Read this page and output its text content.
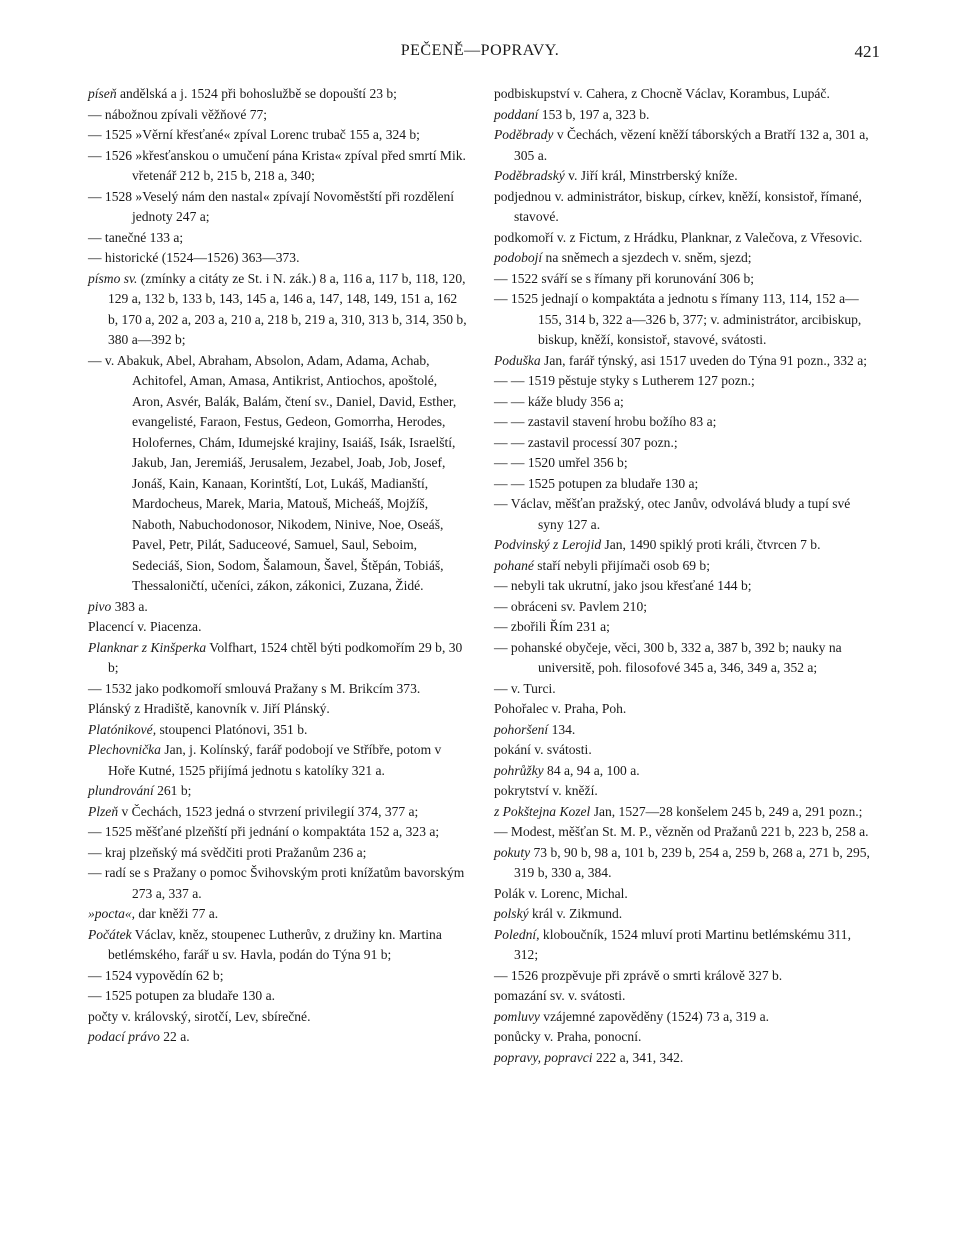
PEČENĚ—POPRAVY.	421
píseň andělská a j. 1524 při bohoslužbě se dopouští 23 b;
— nábožnou zpívali věžňové 77;
— 1525 »Věrní křesťané« zpíval Lorenc trubač 155 a, 324 b;
— 1526 »křesťanskou o umučení pána Krista« zpíval před smrtí Mik. vřetenář 212 b, 215 b, 218 a, 340;
— 1528 »Veselý nám den nastal« zpívají Novoměstští při rozdělení jednoty 247 a;
— tanečné 133 a;
— historické (1524—1526) 363—373.
písmo sv. (zmínky a citáty ze St. i N. zák.) 8 a, 116 a, 117 b, 118, 120, 129 a, 132 b, 133 b, 143, 145 a, 146 a, 147, 148, 149, 151 a, 162 b, 170 a, 202 a, 203 a, 210 a, 218 b, 219 a, 310, 313 b, 314, 350 b, 380 a—392 b;
— v. Abakuk, Abel, Abraham, Absolon, Adam, Adama, Achab, Achitofel, Aman, Amasa, Antikrist, Antiochos, apoštolé, Aron, Asvér, Balák, Balám, čtení sv., Daniel, David, Esther, evangelisté, Faraon, Festus, Gedeon, Gomorrha, Herodes, Holofernes, Chám, Idumejské krajiny, Isaiáš, Isák, Israelští, Jakub, Jan, Jeremiáš, Jerusalem, Jezabel, Joab, Job, Josef, Jonáš, Kain, Kanaan, Korintští, Lot, Lukáš, Madianští, Mardocheus, Marek, Maria, Matouš, Micheáš, Mojžíš, Naboth, Nabuchodonosor, Nikodem, Ninive, Noe, Oseáš, Pavel, Petr, Pilát, Saduceové, Samuel, Saul, Seboim, Sedeciáš, Sion, Sodom, Šalamoun, Šavel, Štěpán, Tobiáš, Thessaloničtí, učeníci, zákon, zákonici, Zuzana, Židé.
pivo 383 a.
Placencí v. Piacenza.
Planknar z Kinšperka Volfhart, 1524 chtěl býti podkomořím 29 b, 30 b;
— 1532 jako podkomoří smlouvá Pražany s M. Brikcím 373.
Plánský z Hradiště, kanovník v. Jiří Plánský.
Platónikové, stoupenci Platónovi, 351 b.
Plechovnička Jan, j. Kolínský, farář podobojí ve Stříbře, potom v Hoře Kutné, 1525 přijímá jednotu s katolíky 321 a.
plundrování 261 b;
Plzeň v Čechách, 1523 jedná o stvrzení privilegií 374, 377 a;
— 1525 měšťané plzeňští při jednání o kompaktáta 152 a, 323 a;
— kraj plzeňský má svědčiti proti Pražanům 236 a;
— radí se s Pražany o pomoc Švihovským proti knížatům bavorským 273 a, 337 a.
»pocta«, dar kněži 77 a.
Počátek Václav, kněz, stoupenec Lutherův, z družiny kn. Martina betlémského, farář u sv. Havla, podán do Týna 91 b;
— 1524 vypovědín 62 b;
— 1525 potupen za bludaře 130 a.
počty v. královský, sirotčí, Lev, sbírečné.
podací právo 22 a.
podbiskupství v. Cahera, z Chocně Václav, Korambus, Lupáč.
poddaní 153 b, 197 a, 323 b.
Poděbrady v Čechách, vězení kněží táborských a Bratří 132 a, 301 a, 305 a.
Poděbradský v. Jiří král, Minstrberský kníže.
podjednou v. administrátor, biskup, církev, kněží, konsistoř, římané, stavové.
podkomoří v. z Fictum, z Hrádku, Planknar, z Valečova, z Vřesovic.
podobojí na sněmech a sjezdech v. sněm, sjezd;
— 1522 sváří se s římany při korunování 306 b;
— 1525 jednají o kompaktáta a jednotu s římany 113, 114, 152 a—155, 314 b, 322 a—326 b, 377; v. administrátor, arcibiskup, biskup, kněží, konsistoř, stavové, svátosti.
Poduška Jan, farář týnský, asi 1517 uveden do Týna 91 pozn., 332 a;
— — 1519 pěstuje styky s Lutherem 127 pozn.;
— — káže bludy 356 a;
— — zastavil stavení hrobu božího 83 a;
— — zastavil processí 307 pozn.;
— — 1520 umřel 356 b;
— — 1525 potupen za bludaře 130 a;
— Václav, měšťan pražský, otec Janův, odvolává bludy a tupí své syny 127 a.
Podvinský z Lerojid Jan, 1490 spiklý proti králi, čtvrcen 7 b.
pohané staří nebyli přijímači osob 69 b;
— nebyli tak ukrutní, jako jsou křesťané 144 b;
— obráceni sv. Pavlem 210;
— zbořili Řím 231 a;
— pohanské obyčeje, věci, 300 b, 332 a, 387 b, 392 b; nauky na universitě, poh. filosofové 345 a, 346, 349 a, 352 a;
— v. Turci.
Pohořalec v. Praha, Poh.
pohoršení 134.
pokání v. svátosti.
pohrůžky 84 a, 94 a, 100 a.
pokrytství v. kněží.
z Pokštejna Kozel Jan, 1527—28 konšelem 245 b, 249 a, 291 pozn.;
— Modest, měšťan St. M. P., vězněn od Pražanů 221 b, 223 b, 258 a.
pokuty 73 b, 90 b, 98 a, 101 b, 239 b, 254 a, 259 b, 268 a, 271 b, 295, 319 b, 330 a, 384.
Polák v. Lorenc, Michal.
polský král v. Zikmund.
Polední, kloboučník, 1524 mluví proti Martinu betlémskému 311, 312;
— 1526 prozpěvuje při zprávě o smrti králově 327 b.
pomazání sv. v. svátosti.
pomluvy vzájemné zapověděny (1524) 73 a, 319 a.
ponůcky v. Praha, ponocní.
popravy, popravci 222 a, 341, 342.
